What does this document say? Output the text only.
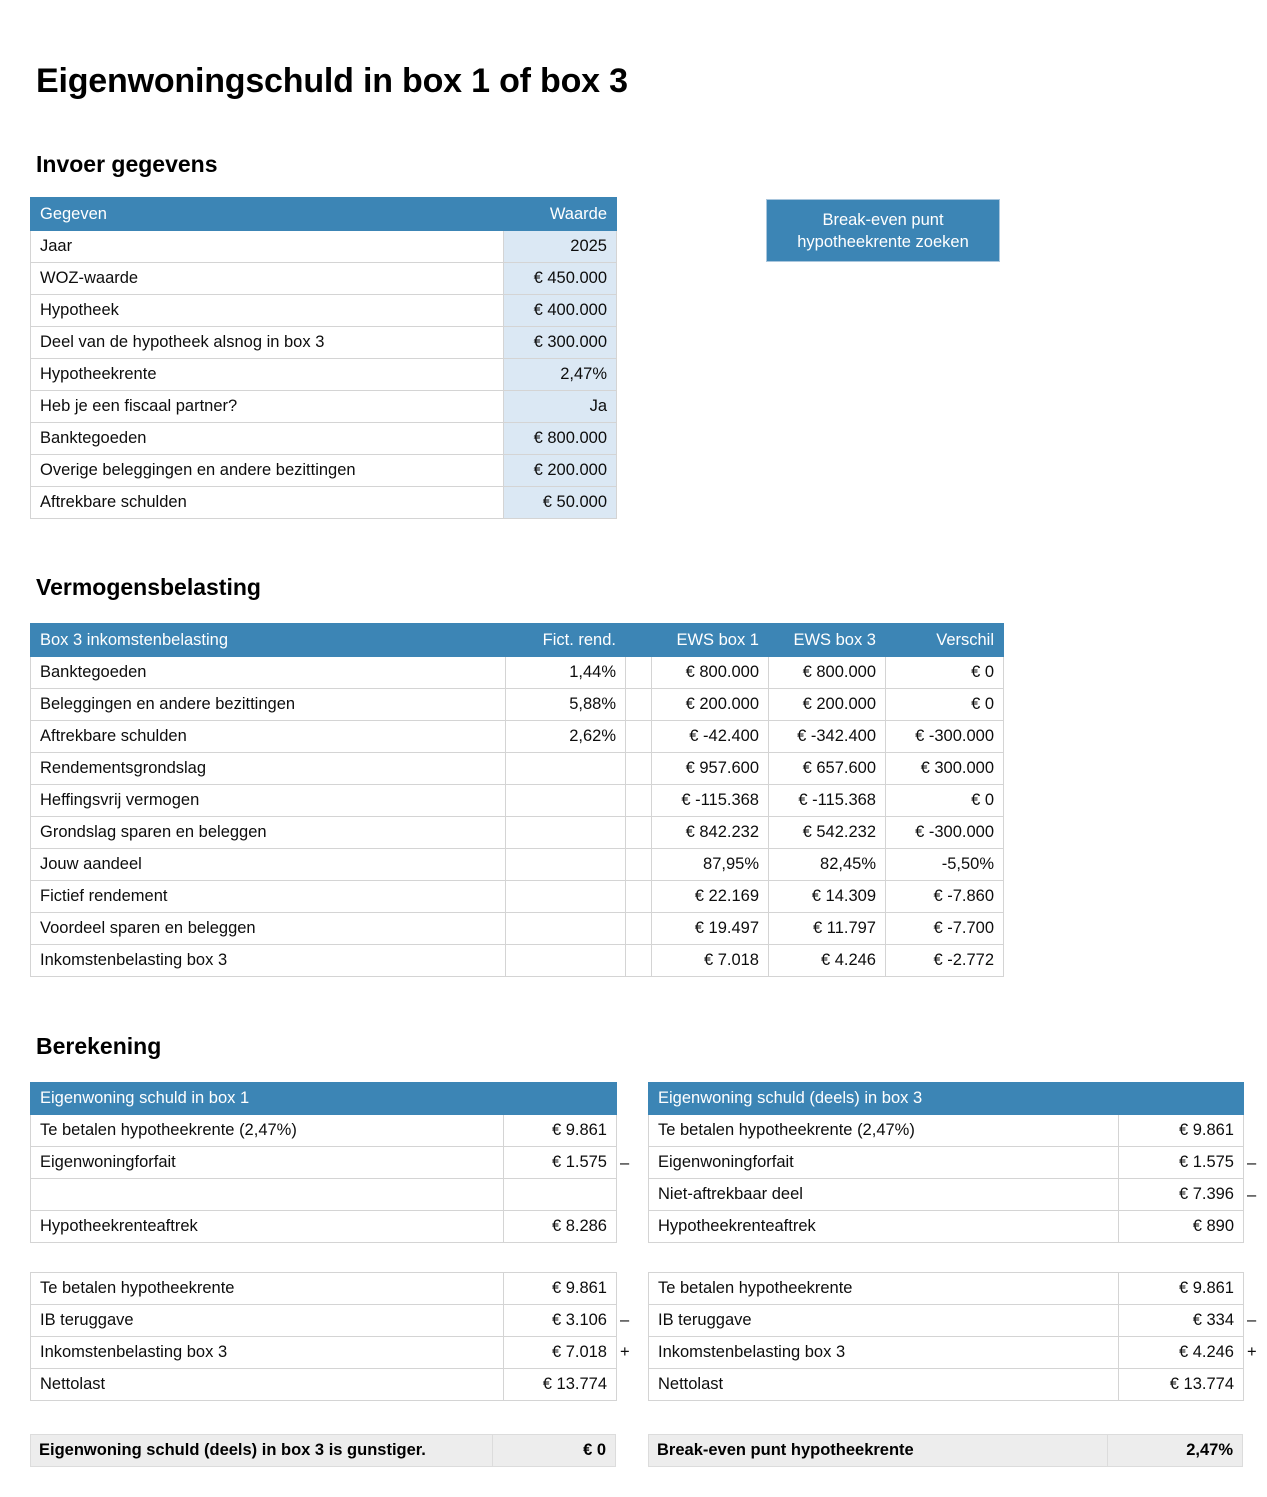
Eigenwoningschuld in box 1 of box 3
Invoer gegevens
Gegeven	Waarde
Jaar	2025
WOZ-waarde	€ 450.000
Hypotheek	€ 400.000
Deel van de hypotheek alsnog in box 3	€ 300.000
Hypotheekrente	2,47%
Heb je een fiscaal partner?	Ja
Banktegoeden	€ 800.000
Overige beleggingen en andere bezittingen	€ 200.000
Aftrekbare schulden	€ 50.000
Break-even punt
hypotheekrente zoeken
Vermogensbelasting
Box 3 inkomstenbelasting	Fict. rend.		EWS box 1	EWS box 3	Verschil
Banktegoeden	1,44%		€ 800.000	€ 800.000	€ 0
Beleggingen en andere bezittingen	5,88%		€ 200.000	€ 200.000	€ 0
Aftrekbare schulden	2,62%		€ -42.400	€ -342.400	€ -300.000
Rendementsgrondslag			€ 957.600	€ 657.600	€ 300.000
Heffingsvrij vermogen			€ -115.368	€ -115.368	€ 0
Grondslag sparen en beleggen			€ 842.232	€ 542.232	€ -300.000
Jouw aandeel			87,95%	82,45%	-5,50%
Fictief rendement			€ 22.169	€ 14.309	€ -7.860
Voordeel sparen en beleggen			€ 19.497	€ 11.797	€ -7.700
Inkomstenbelasting box 3			€ 7.018	€ 4.246	€ -2.772
Berekening
Eigenwoning schuld in box 1	
Te betalen hypotheekrente (2,47%)	€ 9.861
Eigenwoningforfait	€ 1.575

Hypotheekrenteaftrek	€ 8.286
–
Eigenwoning schuld (deels) in box 3	
Te betalen hypotheekrente (2,47%)	€ 9.861
Eigenwoningforfait	€ 1.575
Niet-aftrekbaar deel	€ 7.396
Hypotheekrenteaftrek	€ 890
–
–
Te betalen hypotheekrente	€ 9.861
IB teruggave	€ 3.106
Inkomstenbelasting box 3	€ 7.018
Nettolast	€ 13.774
–
+
Te betalen hypotheekrente	€ 9.861
IB teruggave	€ 334
Inkomstenbelasting box 3	€ 4.246
Nettolast	€ 13.774
–
+
Eigenwoning schuld (deels) in box 3 is gunstiger.	€ 0	Break-even punt hypotheekrente	2,47%
